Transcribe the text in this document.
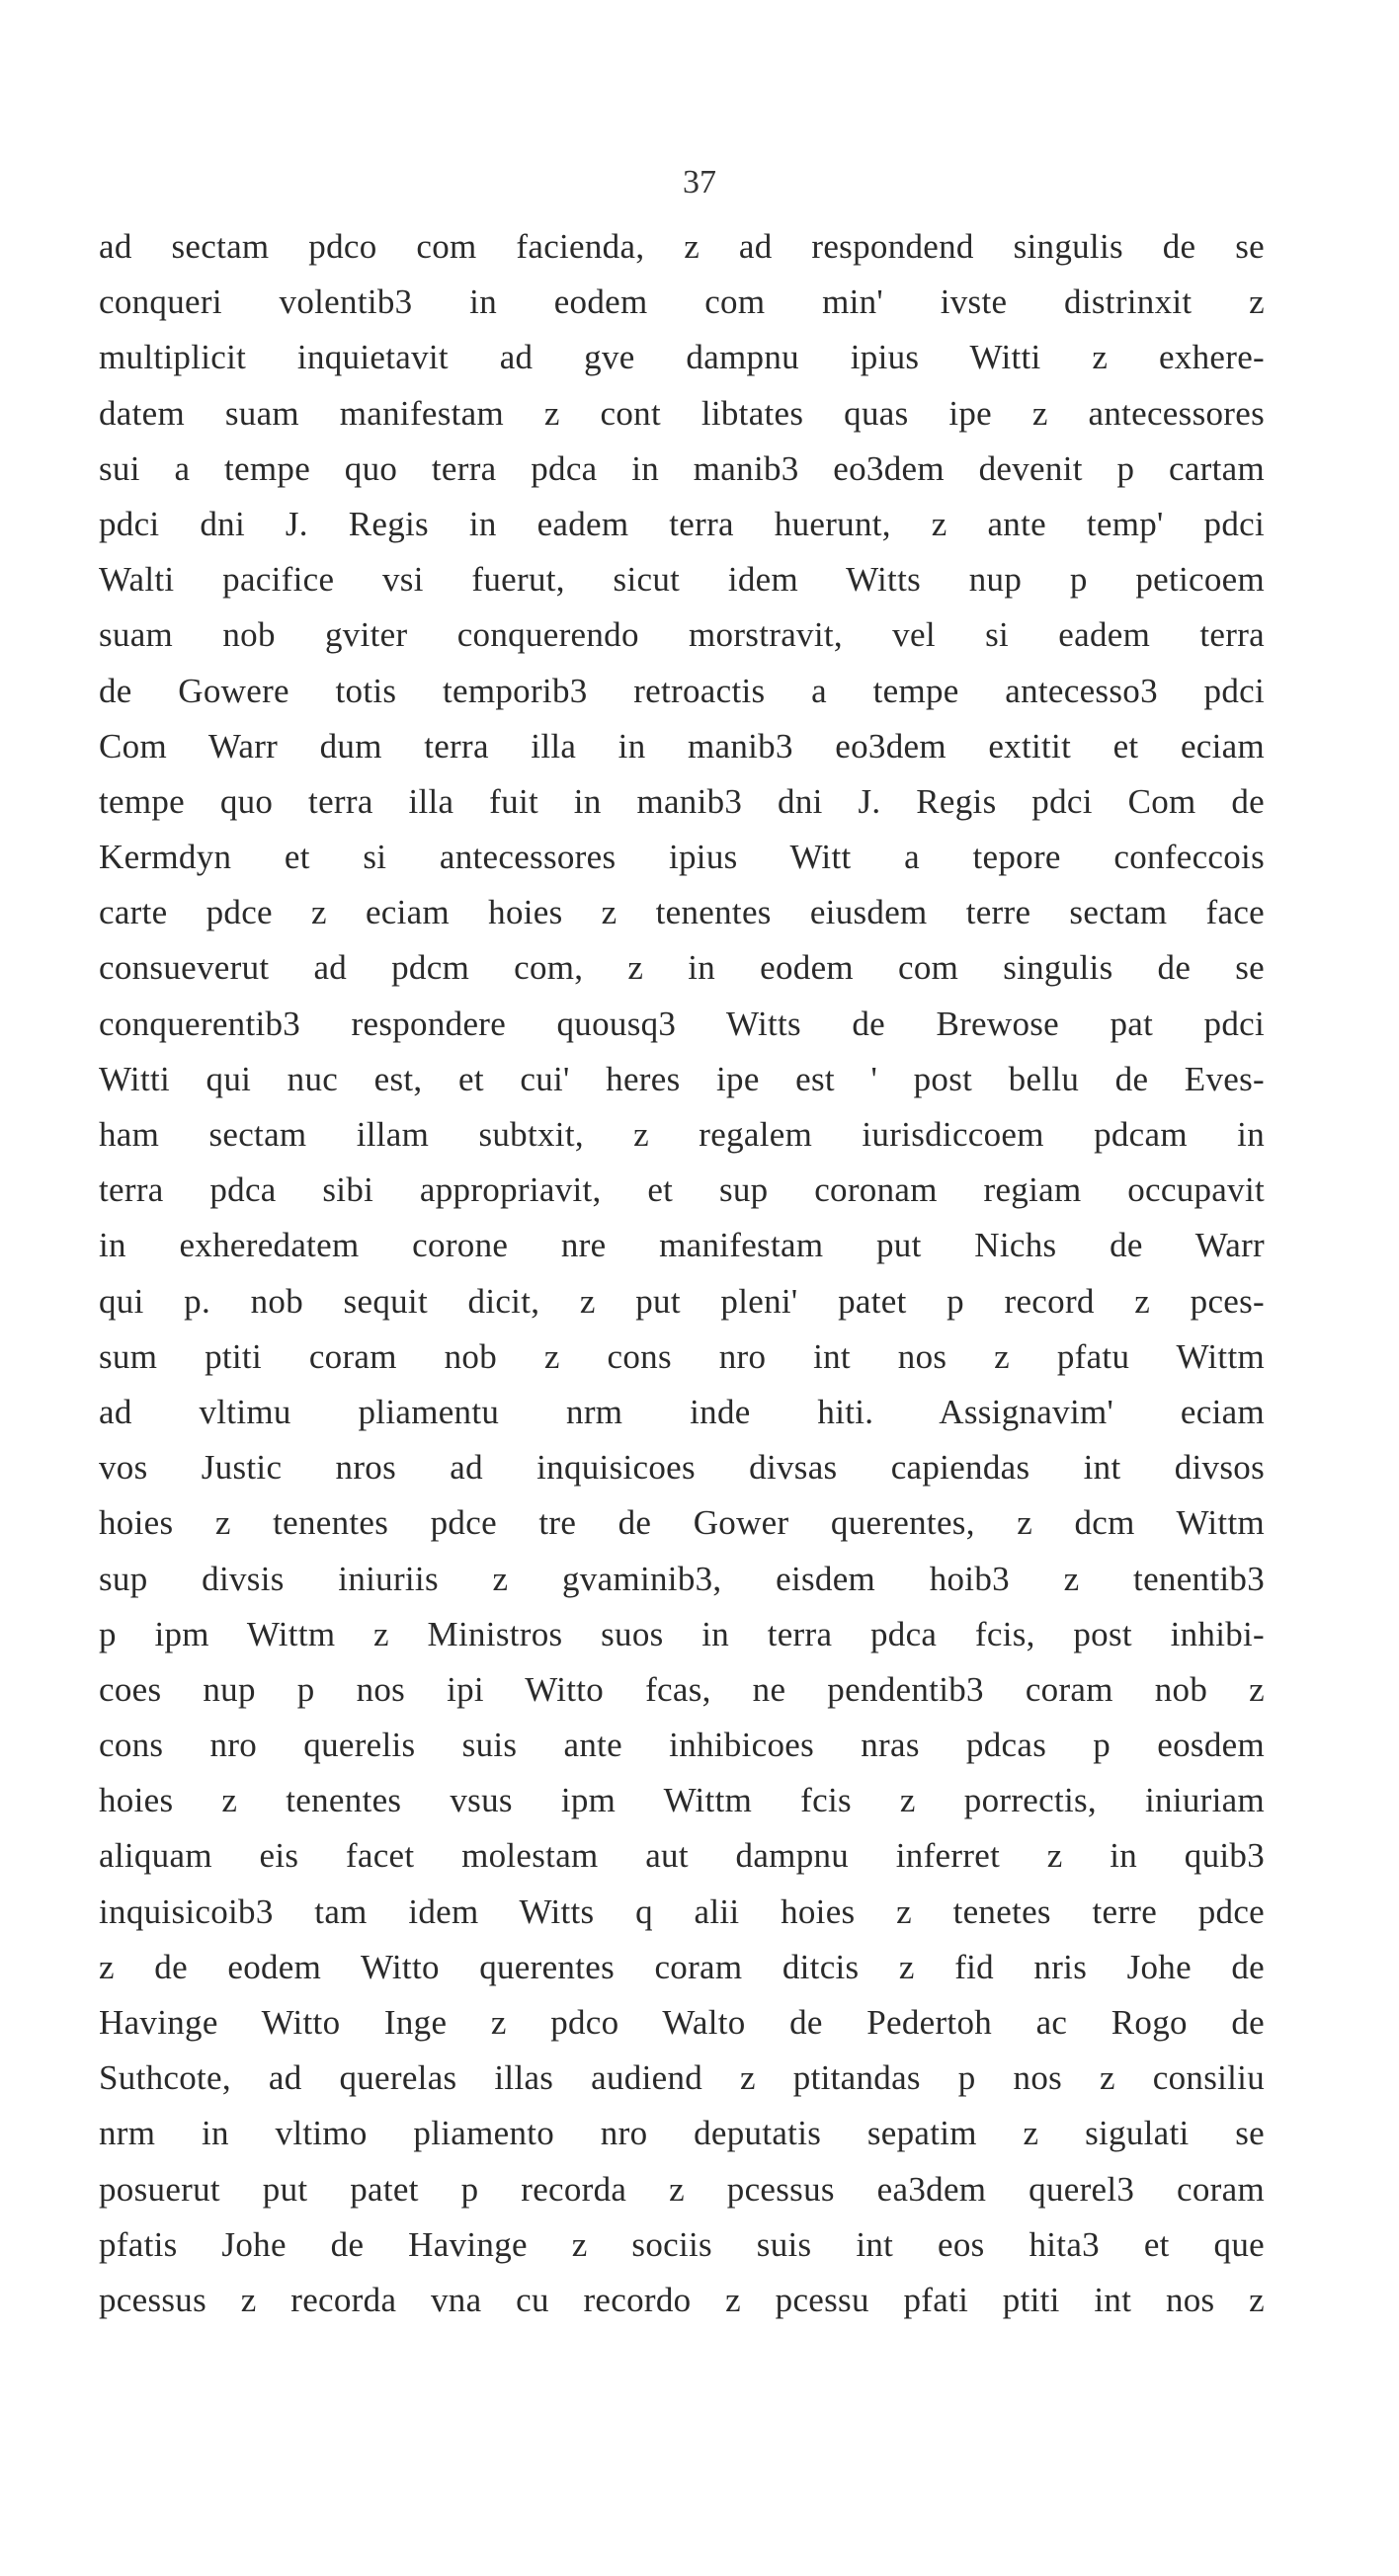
37
ad sectam pdco com facienda, z ad respondend singulis de se
conqueri volentib3 in eodem com min' ivste distrinxit z
multiplicit inquietavit ad gve dampnu ipius Witti z exhere-
datem suam manifestam z cont libtates quas ipe z antecessores
sui a tempe quo terra pdca in manib3 eo3dem devenit p cartam
pdci dni J. Regis in eadem terra huerunt, z ante temp' pdci
Walti pacifice vsi fuerut, sicut idem Witts nup p peticoem
suam nob gviter conquerendo morstravit, vel si eadem terra
de Gowere totis temporib3 retroactis a tempe antecesso3 pdci
Com Warr dum terra illa in manib3 eo3dem extitit et eciam
tempe quo terra illa fuit in manib3 dni J. Regis pdci Com de
Kermdyn et si antecessores ipius Witt a tepore confeccois
carte pdce z eciam hoies z tenentes eiusdem terre sectam face
consueverut ad pdcm com, z in eodem com singulis de se
conquerentib3 respondere quousq3 Witts de Brewose pat pdci
Witti qui nuc est, et cui' heres ipe est ' post bellu de Eves-
ham sectam illam subtxit, z regalem iurisdiccoem pdcam in
terra pdca sibi appropriavit, et sup coronam regiam occupavit
in exheredatem corone nre manifestam put Nichs de Warr
qui p. nob sequit dicit, z put pleni' patet p record z pces-
sum ptiti coram nob z cons nro int nos z pfatu Wittm
ad vltimu pliamentu nrm inde hiti. Assignavim' eciam
vos Justic nros ad inquisicoes divsas capiendas int divsos
hoies z tenentes pdce tre de Gower querentes, z dcm Wittm
sup divsis iniuriis z gvaminib3, eisdem hoib3 z tenentib3
p ipm Wittm z Ministros suos in terra pdca fcis, post inhibi-
coes nup p nos ipi Witto fcas, ne pendentib3 coram nob z
cons nro querelis suis ante inhibicoes nras pdcas p eosdem
hoies z tenentes vsus ipm Wittm fcis z porrectis, iniuriam
aliquam eis facet molestam aut dampnu inferret z in quib3
inquisicoib3 tam idem Witts q alii hoies z tenetes terre pdce
z de eodem Witto querentes coram ditcis z fid nris Johe de
Havinge Witto Inge z pdco Walto de Pedertoh ac Rogo de
Suthcote, ad querelas illas audiend z ptitandas p nos z consiliu
nrm in vltimo pliamento nro deputatis sepatim z sigulati se
posuerut put patet p recorda z pcessus ea3dem querel3 coram
pfatis Johe de Havinge z sociis suis int eos hita3 et que
pcessus z recorda vna cu recordo z pcessu pfati ptiti int nos z
